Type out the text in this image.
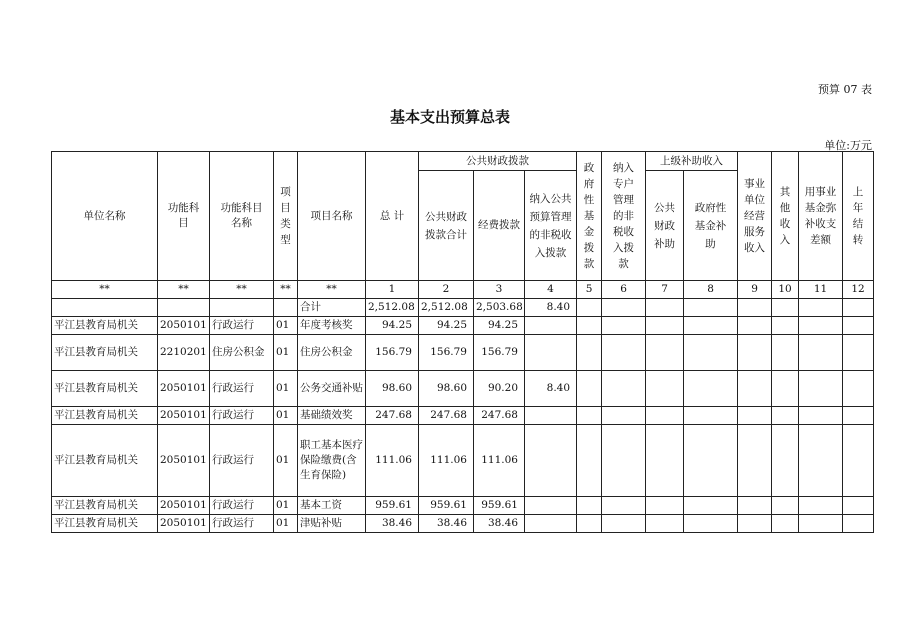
预算 07 表
基本支出预算总表
单位:万元
单位名称	功能科目	功能科目名称	项目类型	项目名称	总 计	公共财政拨款			政府性基金拨款	纳入专户管理的非税收入拨款	上级补助收入		事业单位经营服务收入	其他收入	用事业基金弥补收支差额	上年结转
						公共财政拨款合计	经费拨款	纳入公共预算管理的非税收入拨款			公共财政补助	政府性基金补助				
**	**	**	**	**	1	2	3	4	5	6	7	8	9	10	11	12
				合计	2,512.08	2,512.08	2,503.68	8.40								
平江县教育局机关	2050101	行政运行	01	年度考核奖	94.25	94.25	94.25									
平江县教育局机关	2210201	住房公积金	01	住房公积金	156.79	156.79	156.79									
平江县教育局机关	2050101	行政运行	01	公务交通补贴	98.60	98.60	90.20	8.40								
平江县教育局机关	2050101	行政运行	01	基础绩效奖	247.68	247.68	247.68									
平江县教育局机关	2050101	行政运行	01	职工基本医疗保险缴费(含生育保险)	111.06	111.06	111.06									
平江县教育局机关	2050101	行政运行	01	基本工资	959.61	959.61	959.61									
平江县教育局机关	2050101	行政运行	01	津贴补贴	38.46	38.46	38.46									
